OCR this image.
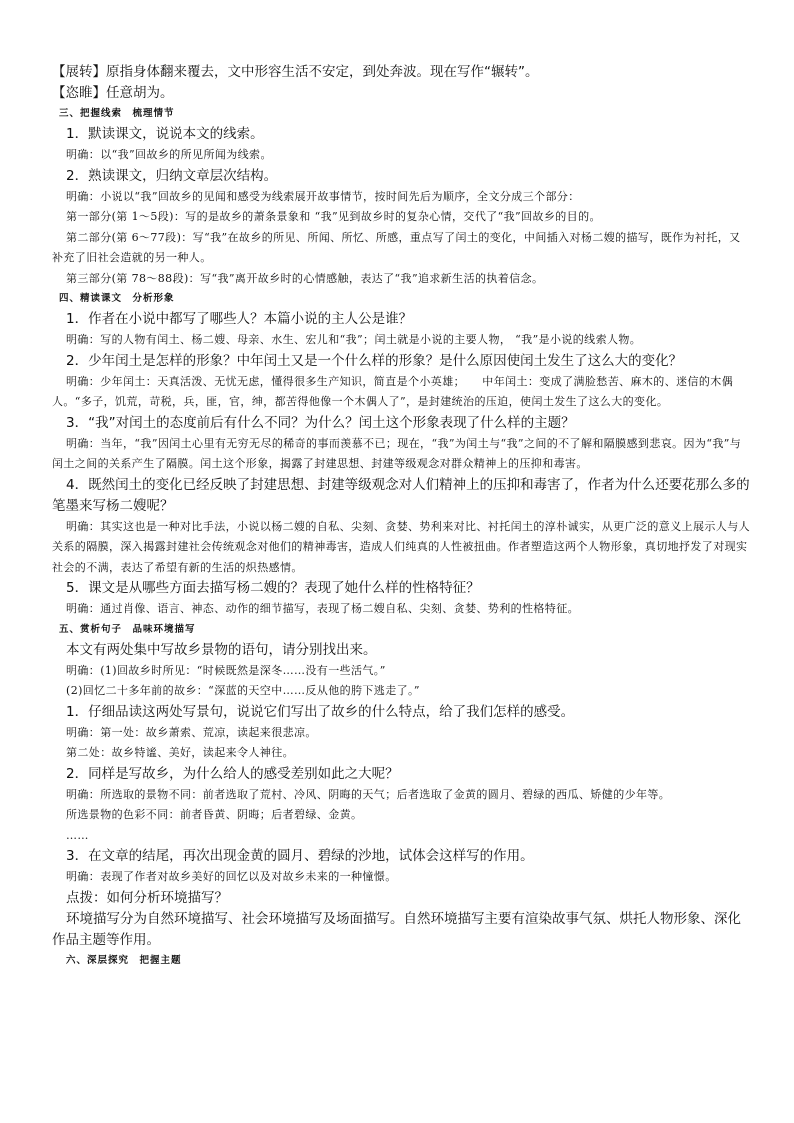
【展转】原指身体翻来覆去，文中形容生活不安定，到处奔波。现在写作“辗转”。

【恣睢】任意胡为。

三、把握线索　梳理情节

1．默读课文，说说本文的线索。

明确：以“我”回故乡的所见所闻为线索。

2．熟读课文，归纳文章层次结构。

明确：小说以“我”回故乡的见闻和感受为线索展开故事情节，按时间先后为顺序，全文分成三个部分：

第一部分(第 1～5段)：写的是故乡的萧条景象和 “我”见到故乡时的复杂心情，交代了“我”回故乡的目的。

第二部分(第 6～77段)：写“我”在故乡的所见、所闻、所忆、所感，重点写了闰土的变化，中间插入对杨二嫂的描写，既作为衬托，又补充了旧社会造就的另一种人。

第三部分(第 78～88段)：写“我”离开故乡时的心情感触，表达了“我”追求新生活的执着信念。

四、精读课文　分析形象

1．作者在小说中都写了哪些人？本篇小说的主人公是谁？

明确：写的人物有闰土、杨二嫂、母亲、水生、宏儿和“我”；闰土就是小说的主要人物， “我”是小说的线索人物。

2．少年闰土是怎样的形象？中年闰土又是一个什么样的形象？是什么原因使闰土发生了这么大的变化？

明确：少年闰土：天真活泼、无忧无虑，懂得很多生产知识，简直是个小英雄；　　中年闰土：变成了满脸愁苦、麻木的、迷信的木偶人。“多子，饥荒，苛税，兵，匪，官，绅，都苦得他像一个木偶人了”，是封建统治的压迫，使闰土发生了这么大的变化。

3．“我”对闰土的态度前后有什么不同？为什么？闰土这个形象表现了什么样的主题？

明确：当年，“我”因闰土心里有无穷无尽的稀奇的事而羡慕不已；现在，“我”为闰土与“我”之间的不了解和隔膜感到悲哀。因为“我”与闰土之间的关系产生了隔膜。闰土这个形象，揭露了封建思想、封建等级观念对群众精神上的压抑和毒害。

4．既然闰土的变化已经反映了封建思想、封建等级观念对人们精神上的压抑和毒害了，作者为什么还要花那么多的笔墨来写杨二嫂呢？

明确：其实这也是一种对比手法，小说以杨二嫂的自私、尖刻、贪婪、势利来对比、衬托闰土的淳朴诚实，从更广泛的意义上展示人与人关系的隔膜，深入揭露封建社会传统观念对他们的精神毒害，造成人们纯真的人性被扭曲。作者塑造这两个人物形象，真切地抒发了对现实社会的不满，表达了希望有新的生活的炽热感情。

5．课文是从哪些方面去描写杨二嫂的？表现了她什么样的性格特征？

明确：通过肖像、语言、神态、动作的细节描写，表现了杨二嫂自私、尖刻、贪婪、势利的性格特征。

五、赏析句子　品味环境描写

本文有两处集中写故乡景物的语句，请分别找出来。

明确：(1)回故乡时所见：“时候既然是深冬……没有一些活气。”

(2)回忆二十多年前的故乡：“深蓝的天空中……反从他的胯下逃走了。”

1．仔细品读这两处写景句，说说它们写出了故乡的什么特点，给了我们怎样的感受。

明确：第一处：故乡萧索、荒凉，读起来很悲凉。

第二处：故乡特谧、美好，读起来令人神往。

2．同样是写故乡，为什么给人的感受差别如此之大呢？

明确：所选取的景物不同：前者选取了荒村、冷风、阴晦的天气；后者选取了金黄的圆月、碧绿的西瓜、矫健的少年等。

所选景物的色彩不同：前者昏黄、阴晦；后者碧绿、金黄。

……

3．在文章的结尾，再次出现金黄的圆月、碧绿的沙地，试体会这样写的作用。

明确：表现了作者对故乡美好的回忆以及对故乡未来的一种憧憬。

点拨：如何分析环境描写？

环境描写分为自然环境描写、社会环境描写及场面描写。自然环境描写主要有渲染故事气氛、烘托人物形象、深化作品主题等作用。

六、深层探究　把握主题
